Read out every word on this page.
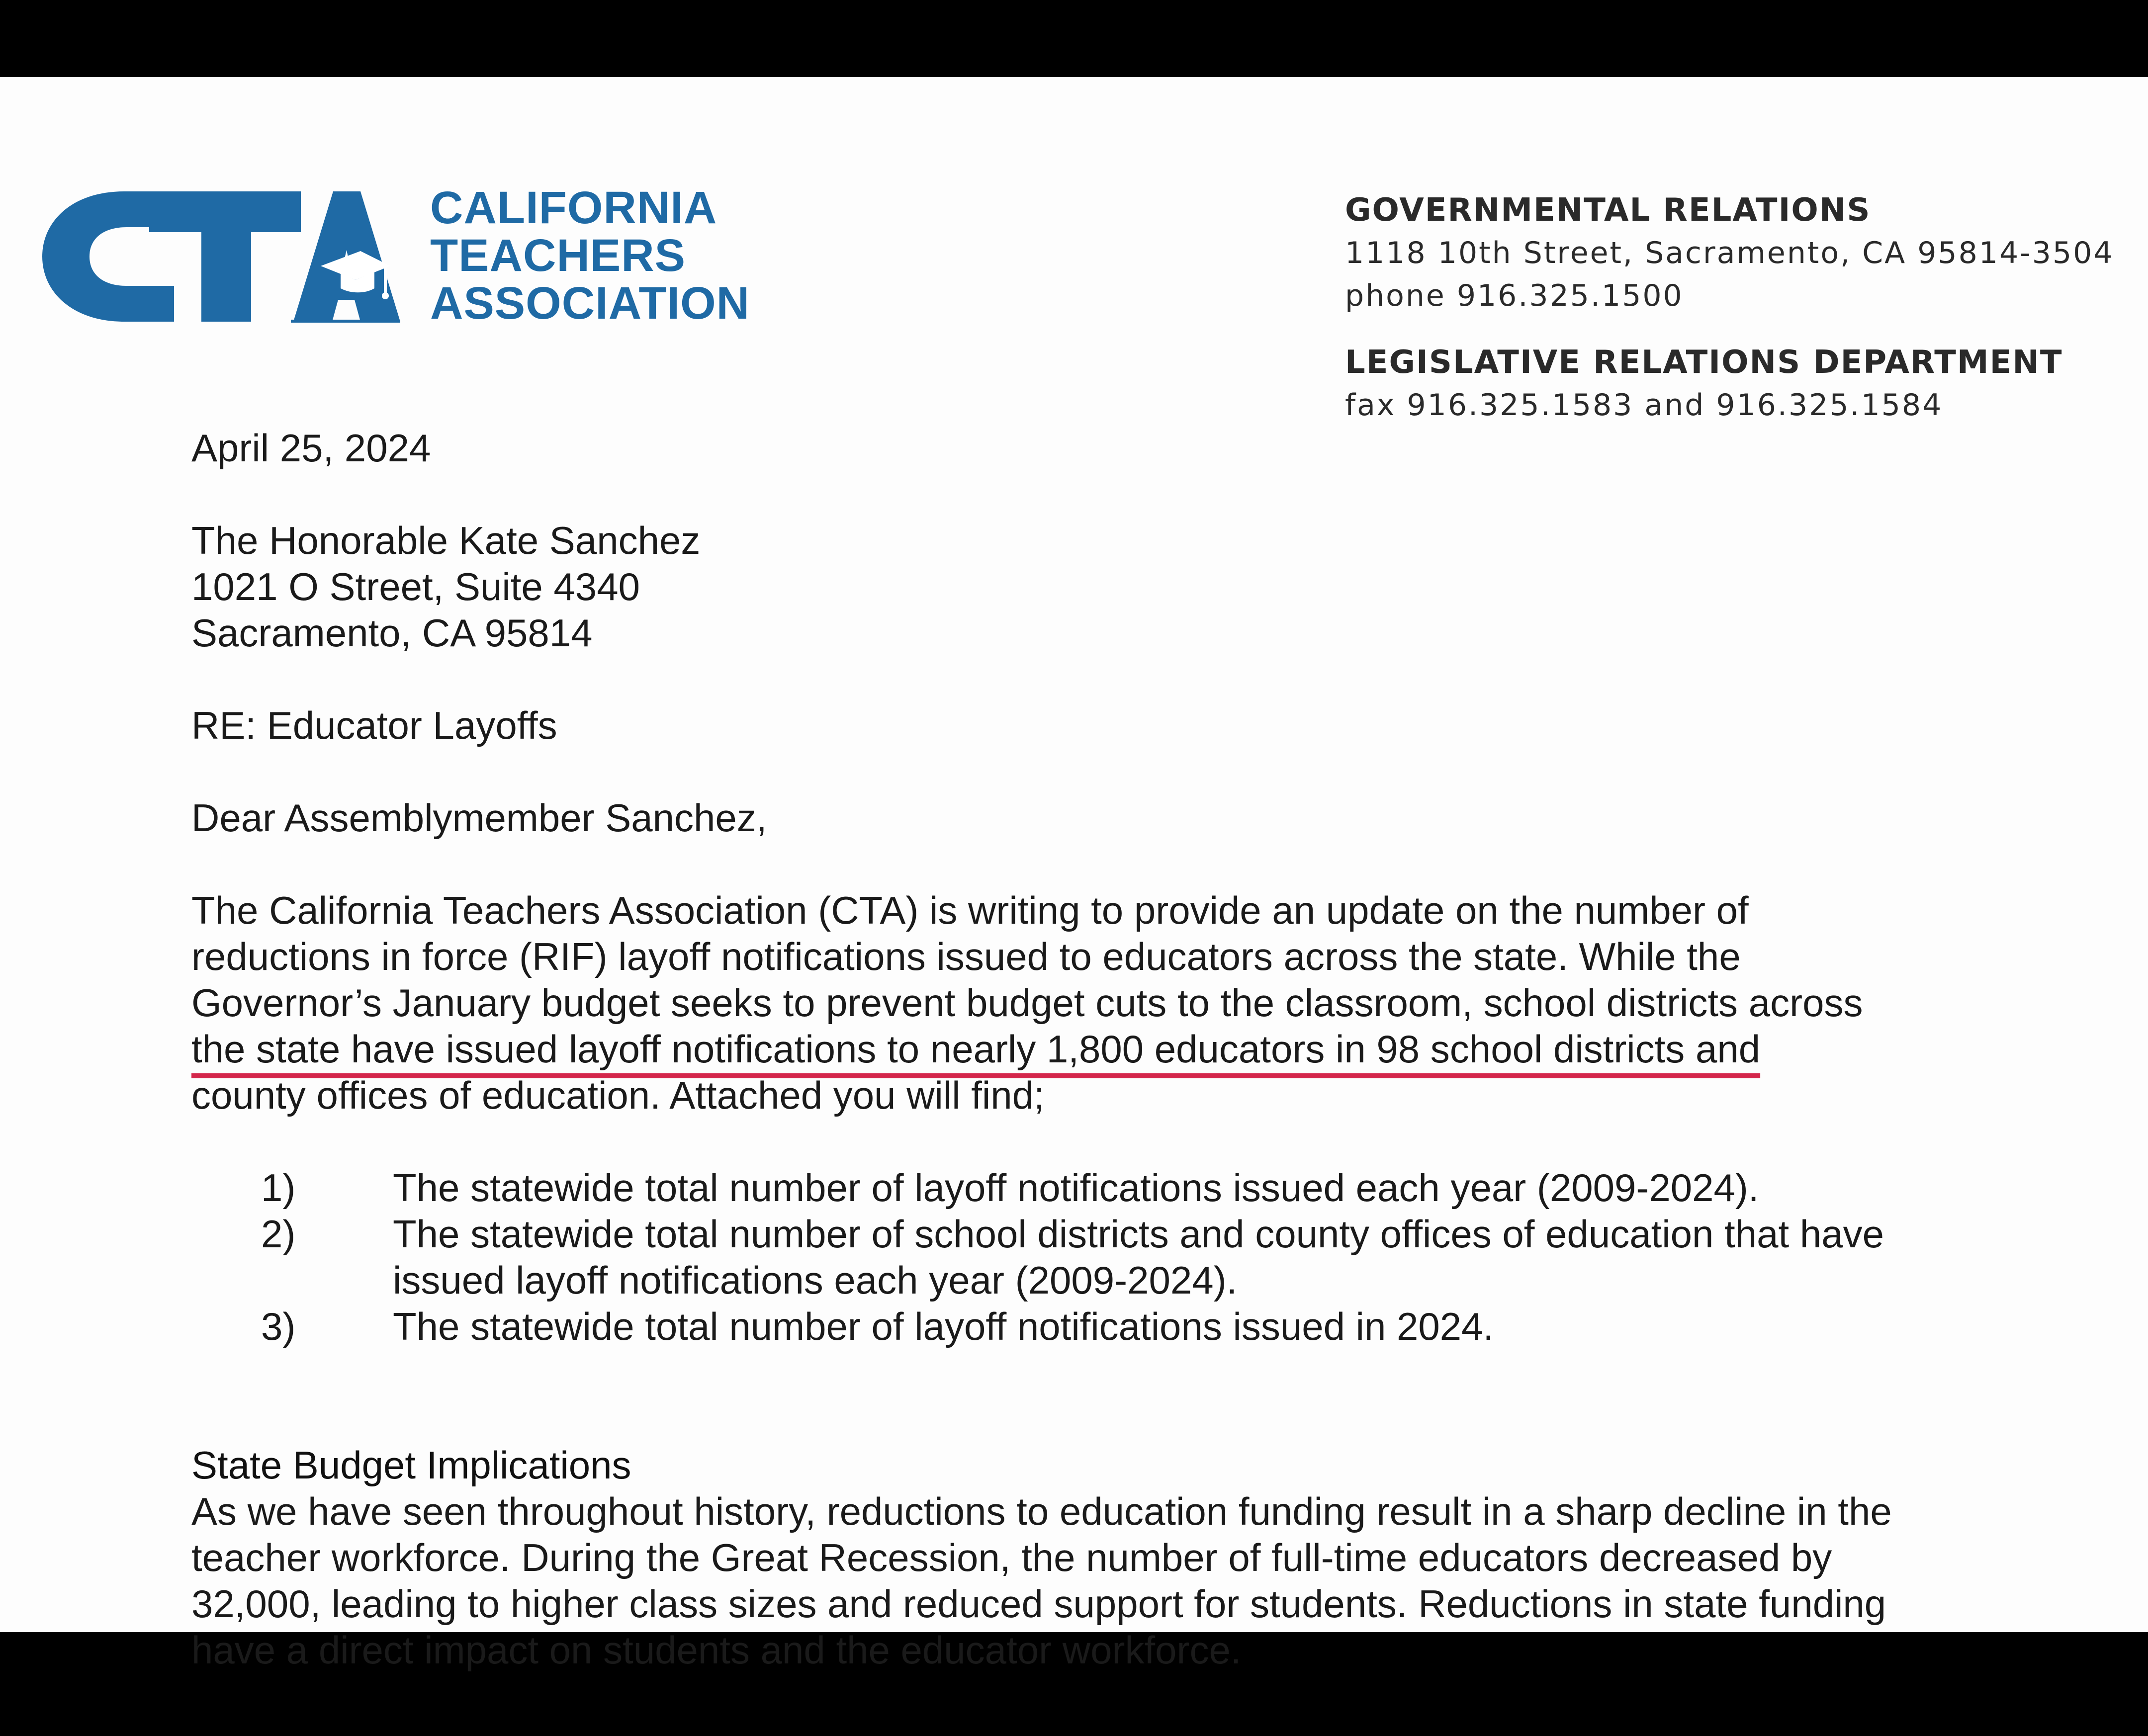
CALIFORNIA
TEACHERS
ASSOCIATION
GOVERNMENTAL RELATIONS
1118 10th Street, Sacramento, CA 95814-3504
phone 916.325.1500
LEGISLATIVE RELATIONS DEPARTMENT
fax 916.325.1583 and 916.325.1584

April 25, 2024

The Honorable Kate Sanchez

1021 O Street, Suite 4340

Sacramento, CA 95814

RE: Educator Layoffs

Dear Assemblymember Sanchez,

The California Teachers Association (CTA) is writing to provide an update on the number of

reductions in force (RIF) layoff notifications issued to educators across the state. While the

Governor’s January budget seeks to prevent budget cuts to the classroom, school districts across

the state have issued layoff notifications to nearly 1,800 educators in 98 school districts and

county offices of education. Attached you will find;

1)	The statewide total number of layoff notifications issued each year (2009-2024).
2)	The statewide total number of school districts and county offices of education that have
issued layoff notifications each year (2009-2024).
3)	The statewide total number of layoff notifications issued in 2024.

State Budget Implications

As we have seen throughout history, reductions to education funding result in a sharp decline in the

teacher workforce. During the Great Recession, the number of full-time educators decreased by

32,000, leading to higher class sizes and reduced support for students. Reductions in state funding

have a direct impact on students and the educator workforce.
